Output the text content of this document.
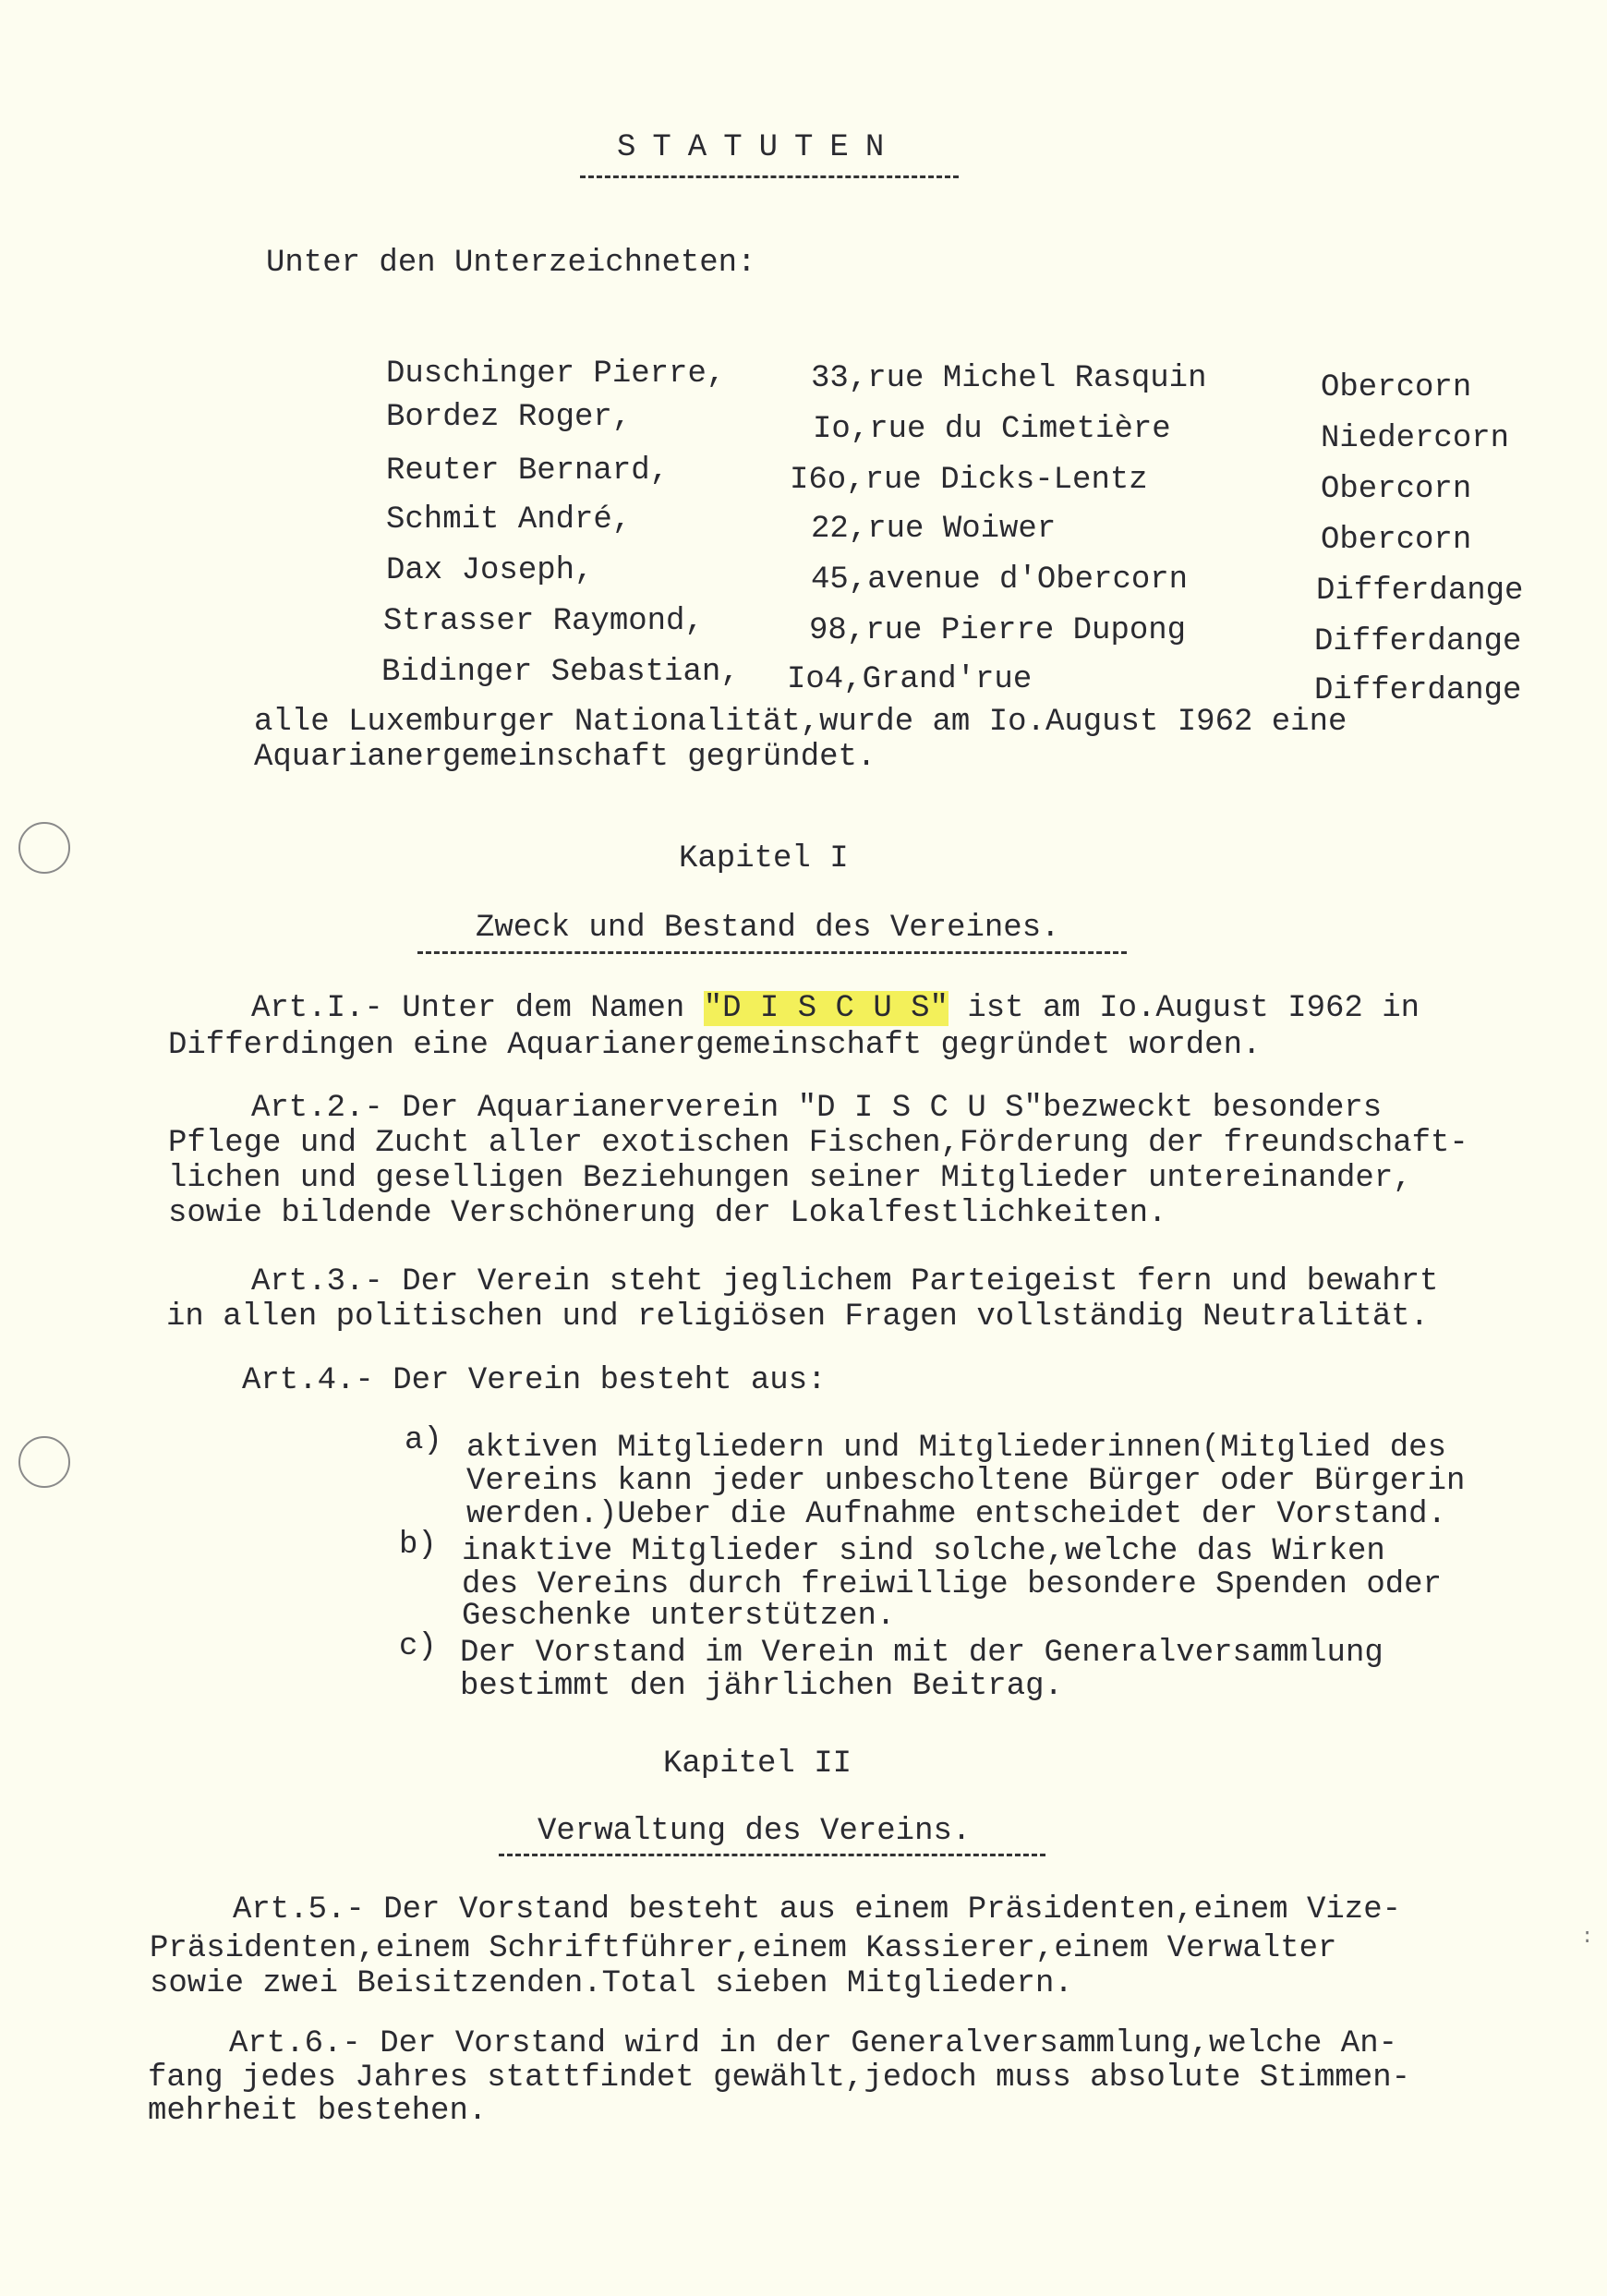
:
STATUTEN
Unter den Unterzeichneten:
Duschinger Pierre,	33,rue Michel Rasquin	Obercorn
Bordez Roger,	Io,rue du Cimetière	Niedercorn
Reuter Bernard,	I6o,rue Dicks-Lentz	Obercorn
Schmit André,	22,rue Woiwer	Obercorn
Dax Joseph,	45,avenue d'Obercorn	Differdange
Strasser Raymond,	98,rue Pierre Dupong	Differdange
Bidinger Sebastian, Io4,Grand'rue	Differdange
alle Luxemburger Nationalität,wurde am Io.August I962 eine
Aquarianergemeinschaft gegründet.
Kapitel I
Zweck und Bestand des Vereines.
Art.I.- Unter dem Namen "D I S C U S" ist am Io.August I962 in
Differdingen eine Aquarianergemeinschaft gegründet worden.
Art.2.- Der Aquarianerverein "D I S C U S"bezweckt besonders
Pflege und Zucht aller exotischen Fischen,Förderung der freundschaft-
lichen und geselligen Beziehungen seiner Mitglieder untereinander,
sowie bildende Verschönerung der Lokalfestlichkeiten.
Art.3.- Der Verein steht jeglichem Parteigeist fern und bewahrt
in allen politischen und religiösen Fragen vollständig Neutralität.
Art.4.- Der Verein besteht aus:
a) aktiven Mitgliedern und Mitgliederinnen(Mitglied des
Vereins kann jeder unbescholtene Bürger oder Bürgerin
werden.)Ueber die Aufnahme entscheidet der Vorstand.
b) inaktive Mitglieder sind solche,welche das Wirken
des Vereins durch freiwillige besondere Spenden oder
Geschenke unterstützen.
c) Der Vorstand im Verein mit der Generalversammlung
bestimmt den jährlichen Beitrag.
Kapitel II
Verwaltung des Vereins.
Art.5.- Der Vorstand besteht aus einem Präsidenten,einem Vize-
Präsidenten,einem Schriftführer,einem Kassierer,einem Verwalter
sowie zwei Beisitzenden.Total sieben Mitgliedern.
Art.6.- Der Vorstand wird in der Generalversammlung,welche An-
fang jedes Jahres stattfindet gewählt,jedoch muss absolute Stimmen-
mehrheit bestehen.
